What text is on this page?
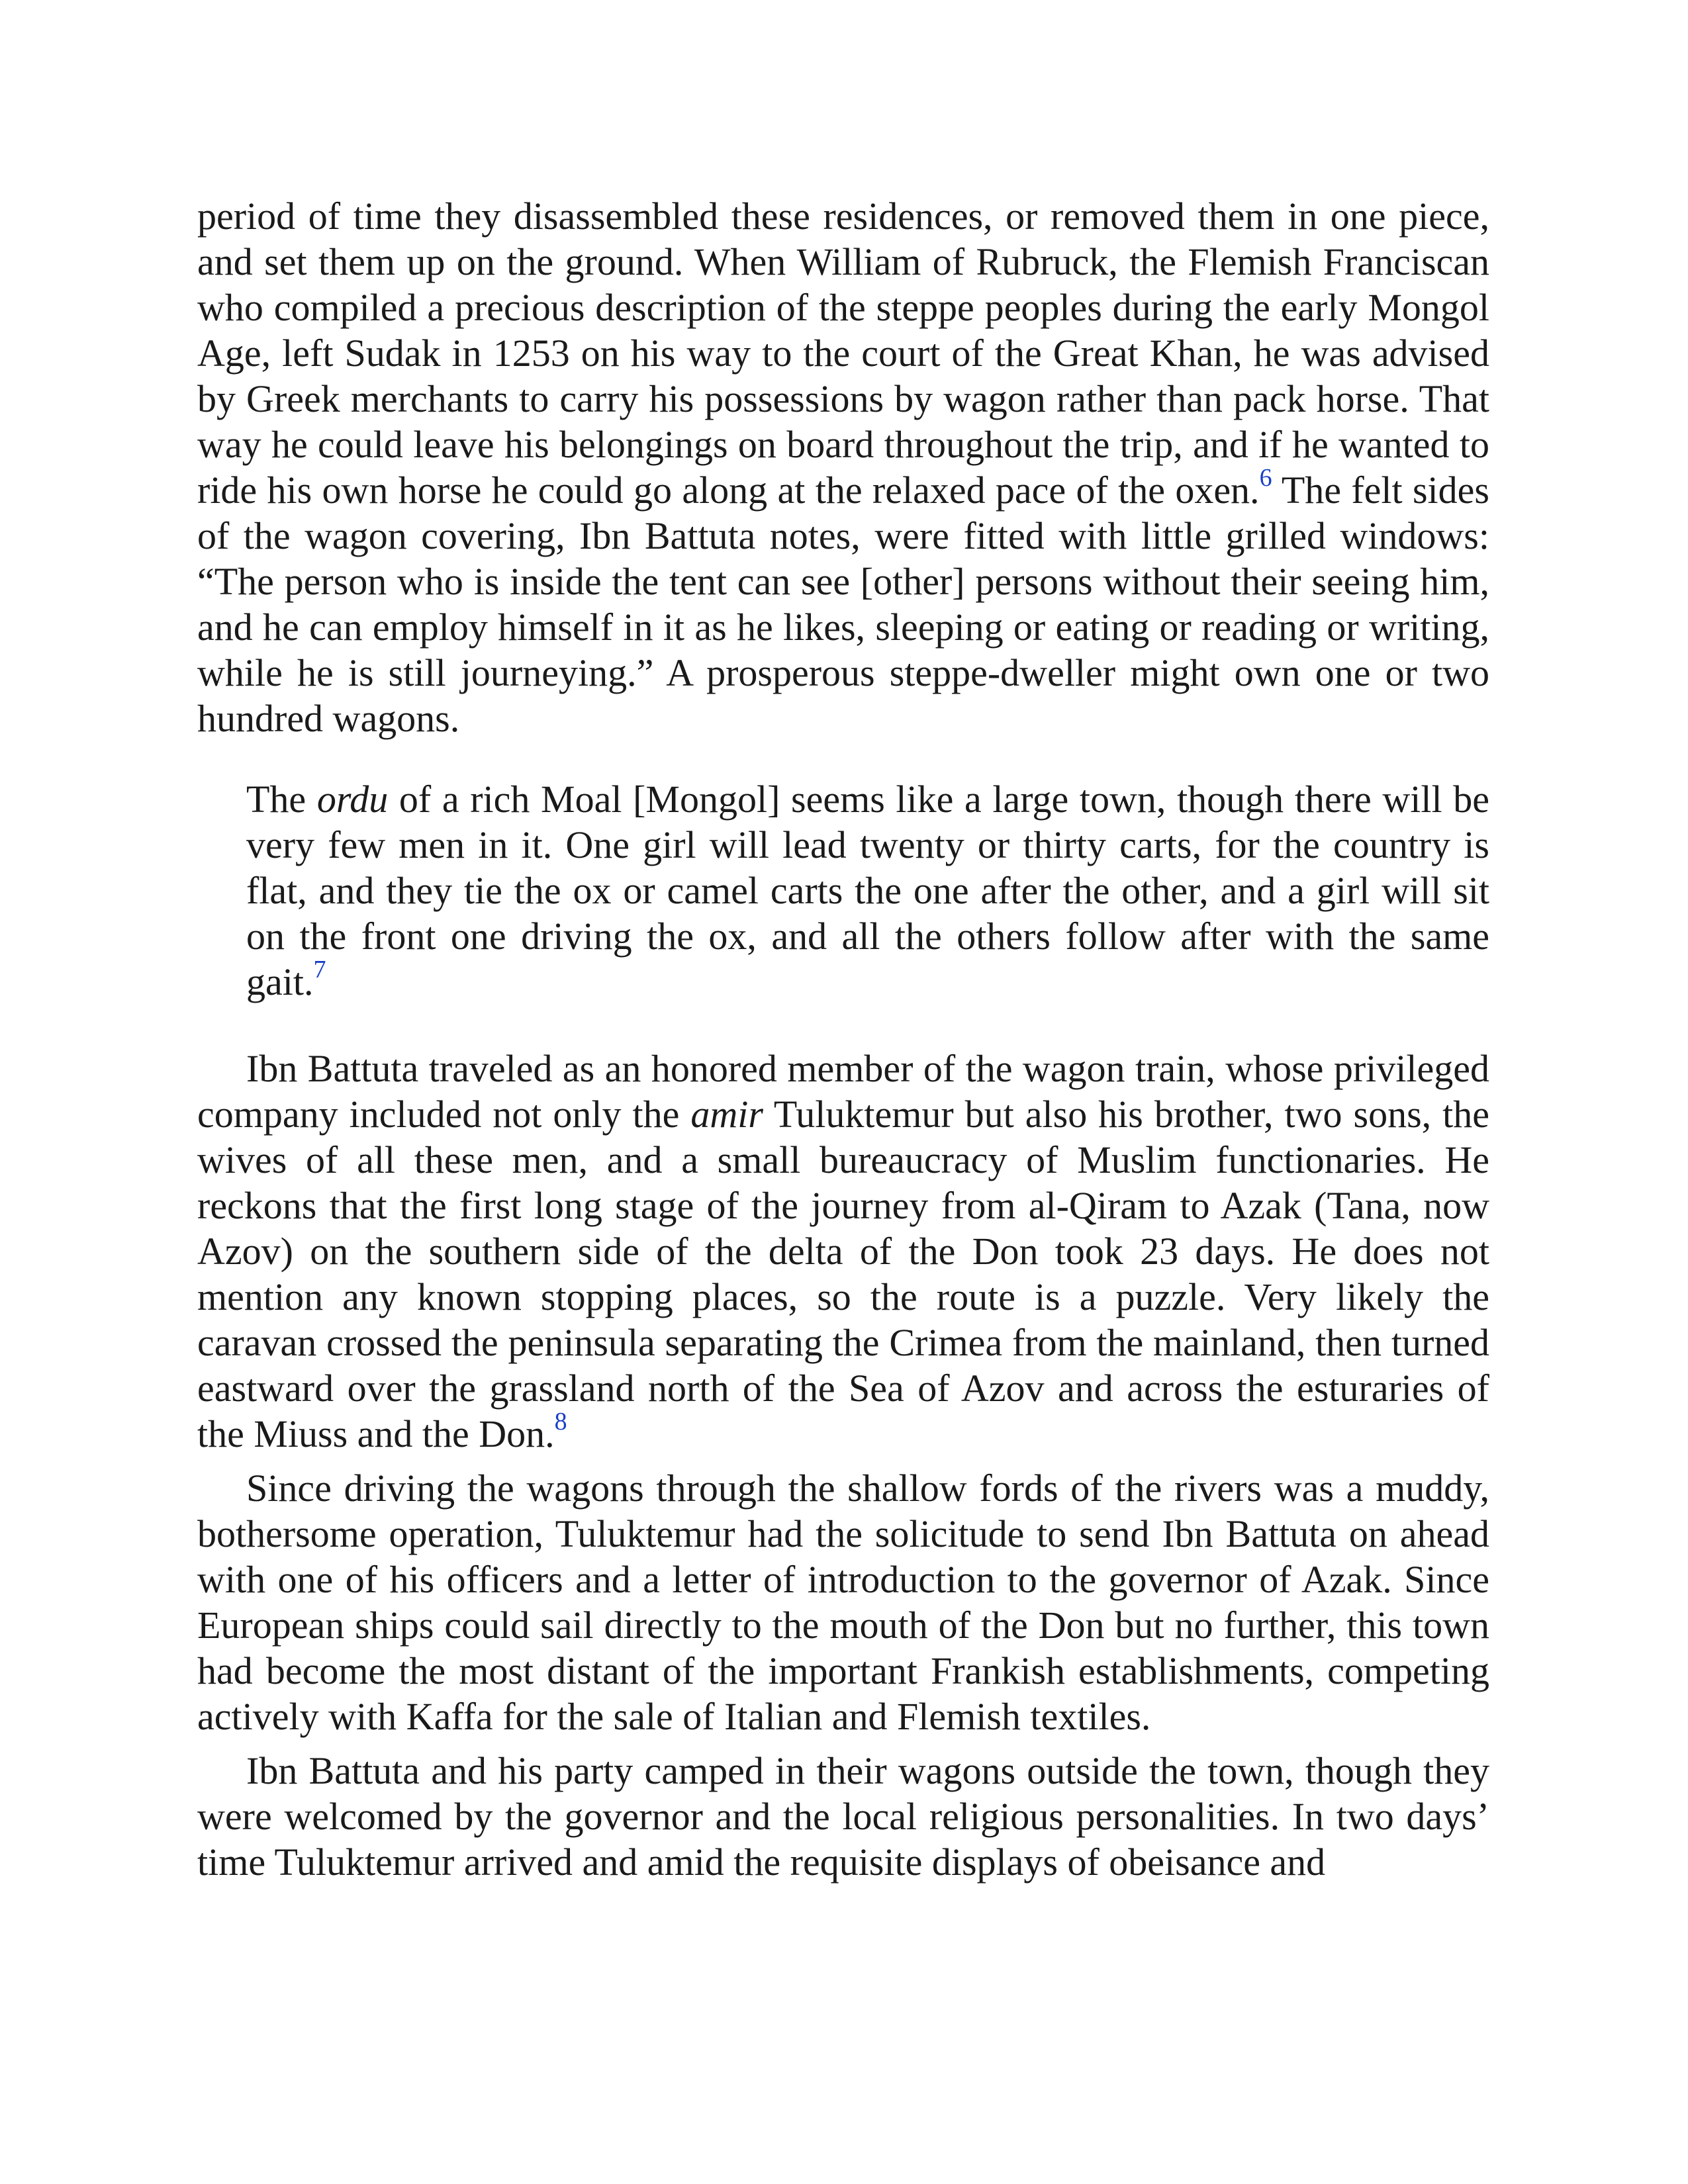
period of time they disassembled these residences, or removed them in one piece, and set them up on the ground. When William of Rubruck, the Flemish Franciscan who compiled a precious description of the steppe peoples during the early Mongol Age, left Sudak in 1253 on his way to the court of the Great Khan, he was advised by Greek merchants to carry his possessions by wagon rather than pack horse. That way he could leave his belongings on board throughout the trip, and if he wanted to ride his own horse he could go along at the relaxed pace of the oxen.$^6$ The felt sides of the wagon covering, Ibn Battuta notes, were fitted with little grilled windows: “The person who is inside the tent can see [other] persons without their seeing him, and he can employ himself in it as he likes, sleeping or eating or reading or writing, while he is still journeying.” A prosperous steppe-dweller might own one or two hundred wagons.

The ordu of a rich Moal [Mongol] seems like a large town, though there will be very few men in it. One girl will lead twenty or thirty carts, for the country is flat, and they tie the ox or camel carts the one after the other, and a girl will sit on the front one driving the ox, and all the others follow after with the same gait.$^7$

Ibn Battuta traveled as an honored member of the wagon train, whose privileged company included not only the amir Tuluktemur but also his brother, two sons, the wives of all these men, and a small bureaucracy of Muslim functionaries. He reckons that the first long stage of the journey from al-Qiram to Azak (Tana, now Azov) on the southern side of the delta of the Don took 23 days. He does not mention any known stopping places, so the route is a puzzle. Very likely the caravan crossed the peninsula separating the Crimea from the mainland, then turned eastward over the grassland north of the Sea of Azov and across the esturaries of the Miuss and the Don.$^8$

Since driving the wagons through the shallow fords of the rivers was a muddy, bothersome operation, Tuluktemur had the solicitude to send Ibn Battuta on ahead with one of his officers and a letter of introduction to the governor of Azak. Since European ships could sail directly to the mouth of the Don but no further, this town had become the most distant of the important Frankish establishments, competing actively with Kaffa for the sale of Italian and Flemish textiles.

Ibn Battuta and his party camped in their wagons outside the town, though they were welcomed by the governor and the local religious personalities. In two days’ time Tuluktemur arrived and amid the requisite displays of obeisance and
